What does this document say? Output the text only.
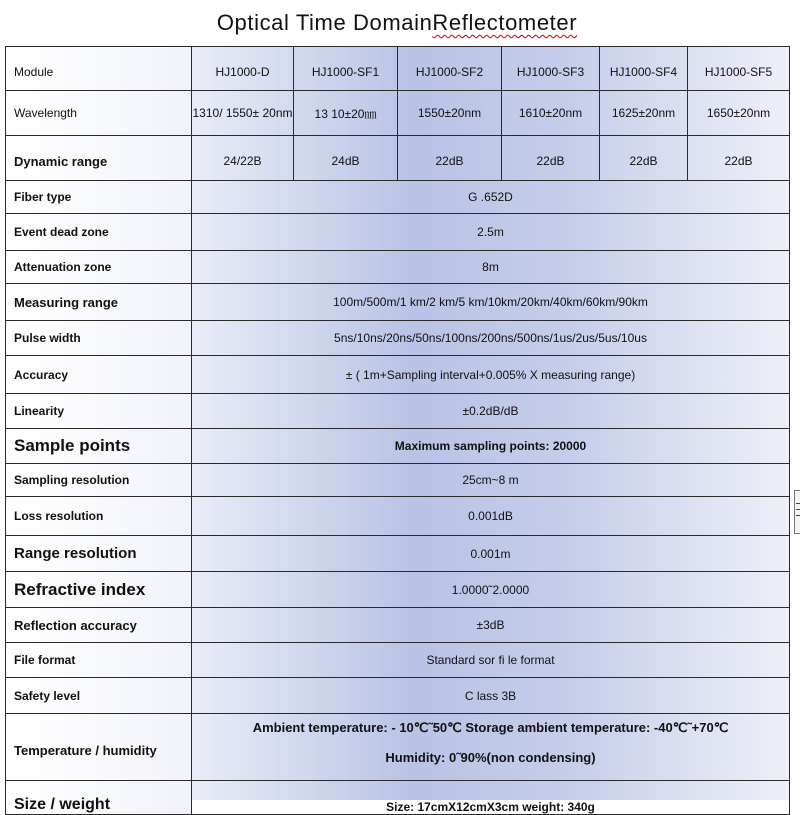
Optical Time Domain Reflectometer
Module	HJ1000-D	HJ1000-SF1	HJ1000-SF2	HJ1000-SF3	HJ1000-SF4	HJ1000-SF5
Wavelength	1310/ 1550± 20nm	13 10±20㎚	1550±20nm	1610±20nm	1625±20nm	1650±20nm
Dynamic range	24/22B	24dB	22dB	22dB	22dB	22dB
Fiber type	G .652D					
Event dead zone	2.5m					
Attenuation zone	8m					
Measuring range	100m/500m/1 km/2 km/5 km/10km/20km/40km/60km/90km					
Pulse width	5ns/10ns/20ns/50ns/100ns/200ns/500ns/1us/2us/5us/10us					
Accuracy	± ( 1m+Sampling interval+0.005% X measuring range)					
Linearity	±0.2dB/dB					
Sample points	Maximum sampling points: 20000					
Sampling resolution	25cm~8 m					
Loss resolution	0.001dB					
Range resolution	0.001m					
Refractive index	1.0000˜2.0000					
Reflection accuracy	±3dB					
File format	Standard sor fi le format					
Safety level	C lass 3B					
Temperature / humidity	Ambient temperature: - 10℃˜50℃ Storage ambient temperature: -40℃˜+70℃
Humidity: 0˜90%(non condensing)					

Size / weight	Size: 17cmX12cmX3cm weight: 340g					
